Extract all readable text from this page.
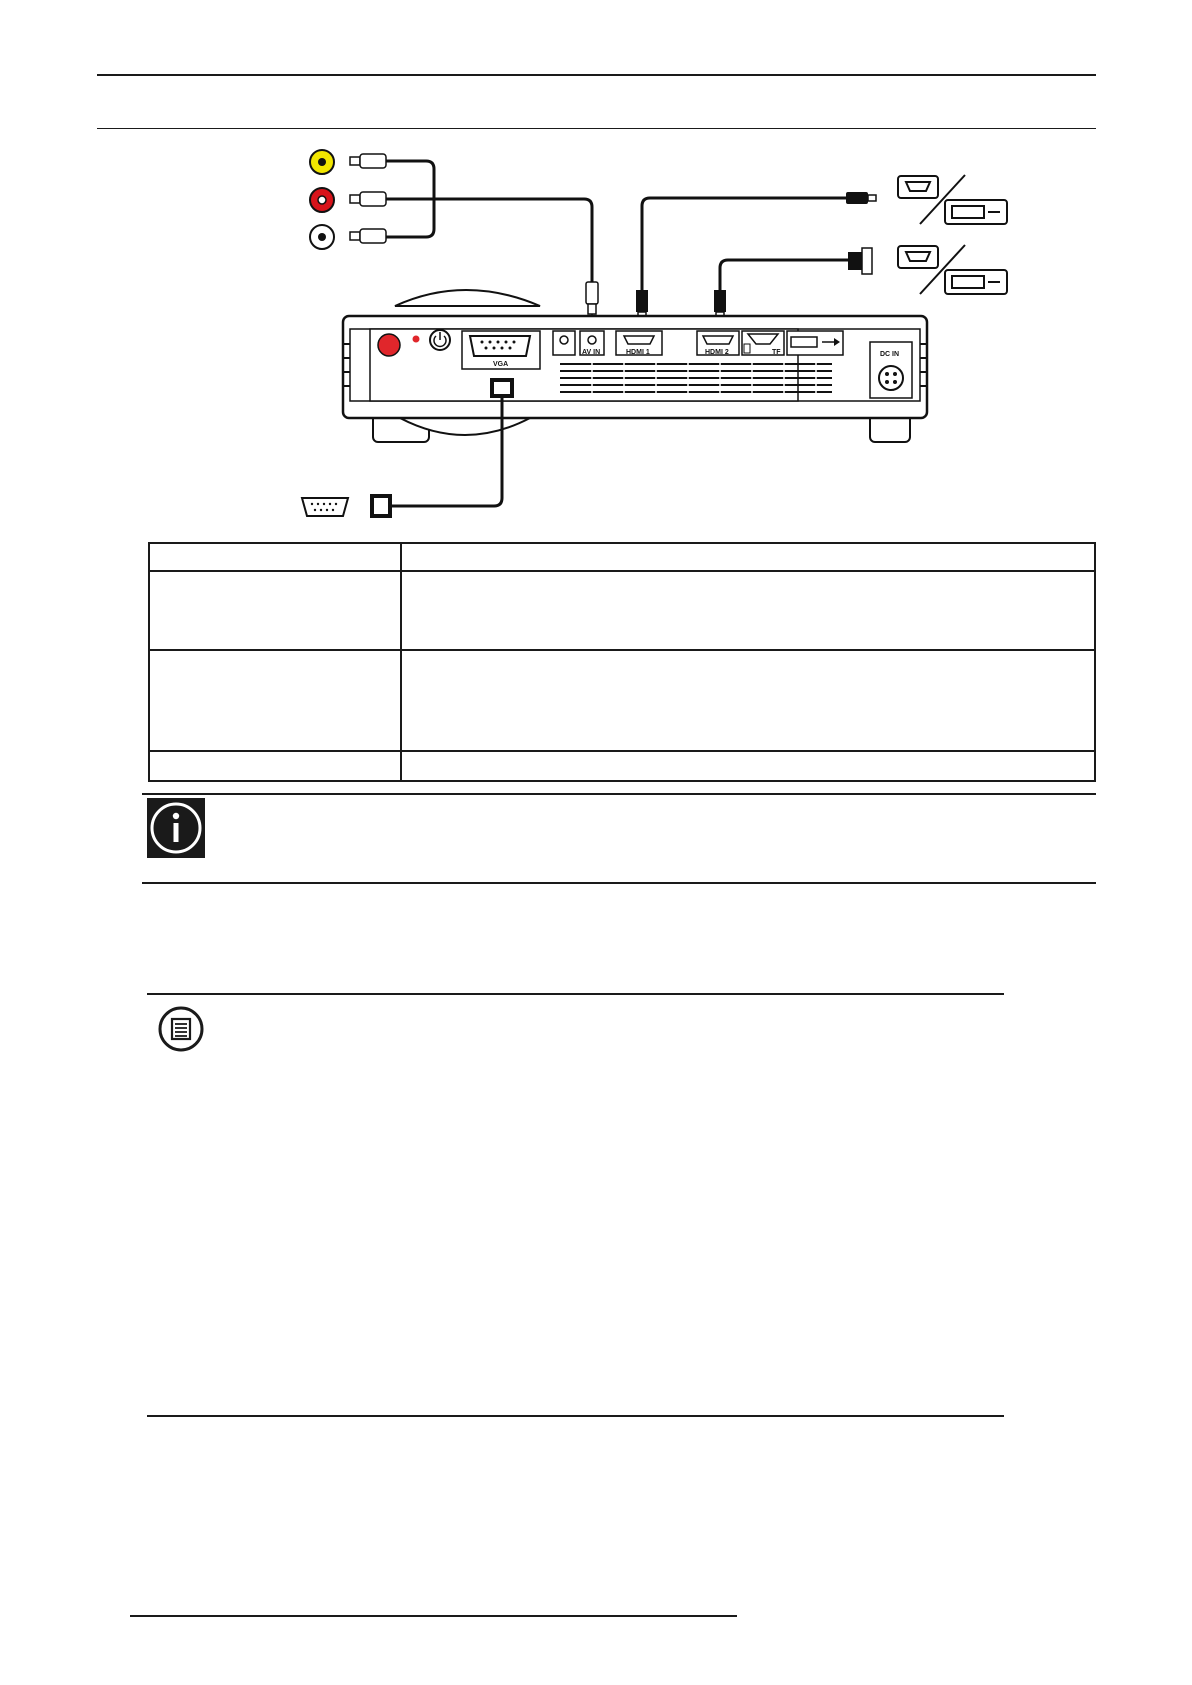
VGA
AV IN	HDMI 1	HDMI 2	TF	DC IN
